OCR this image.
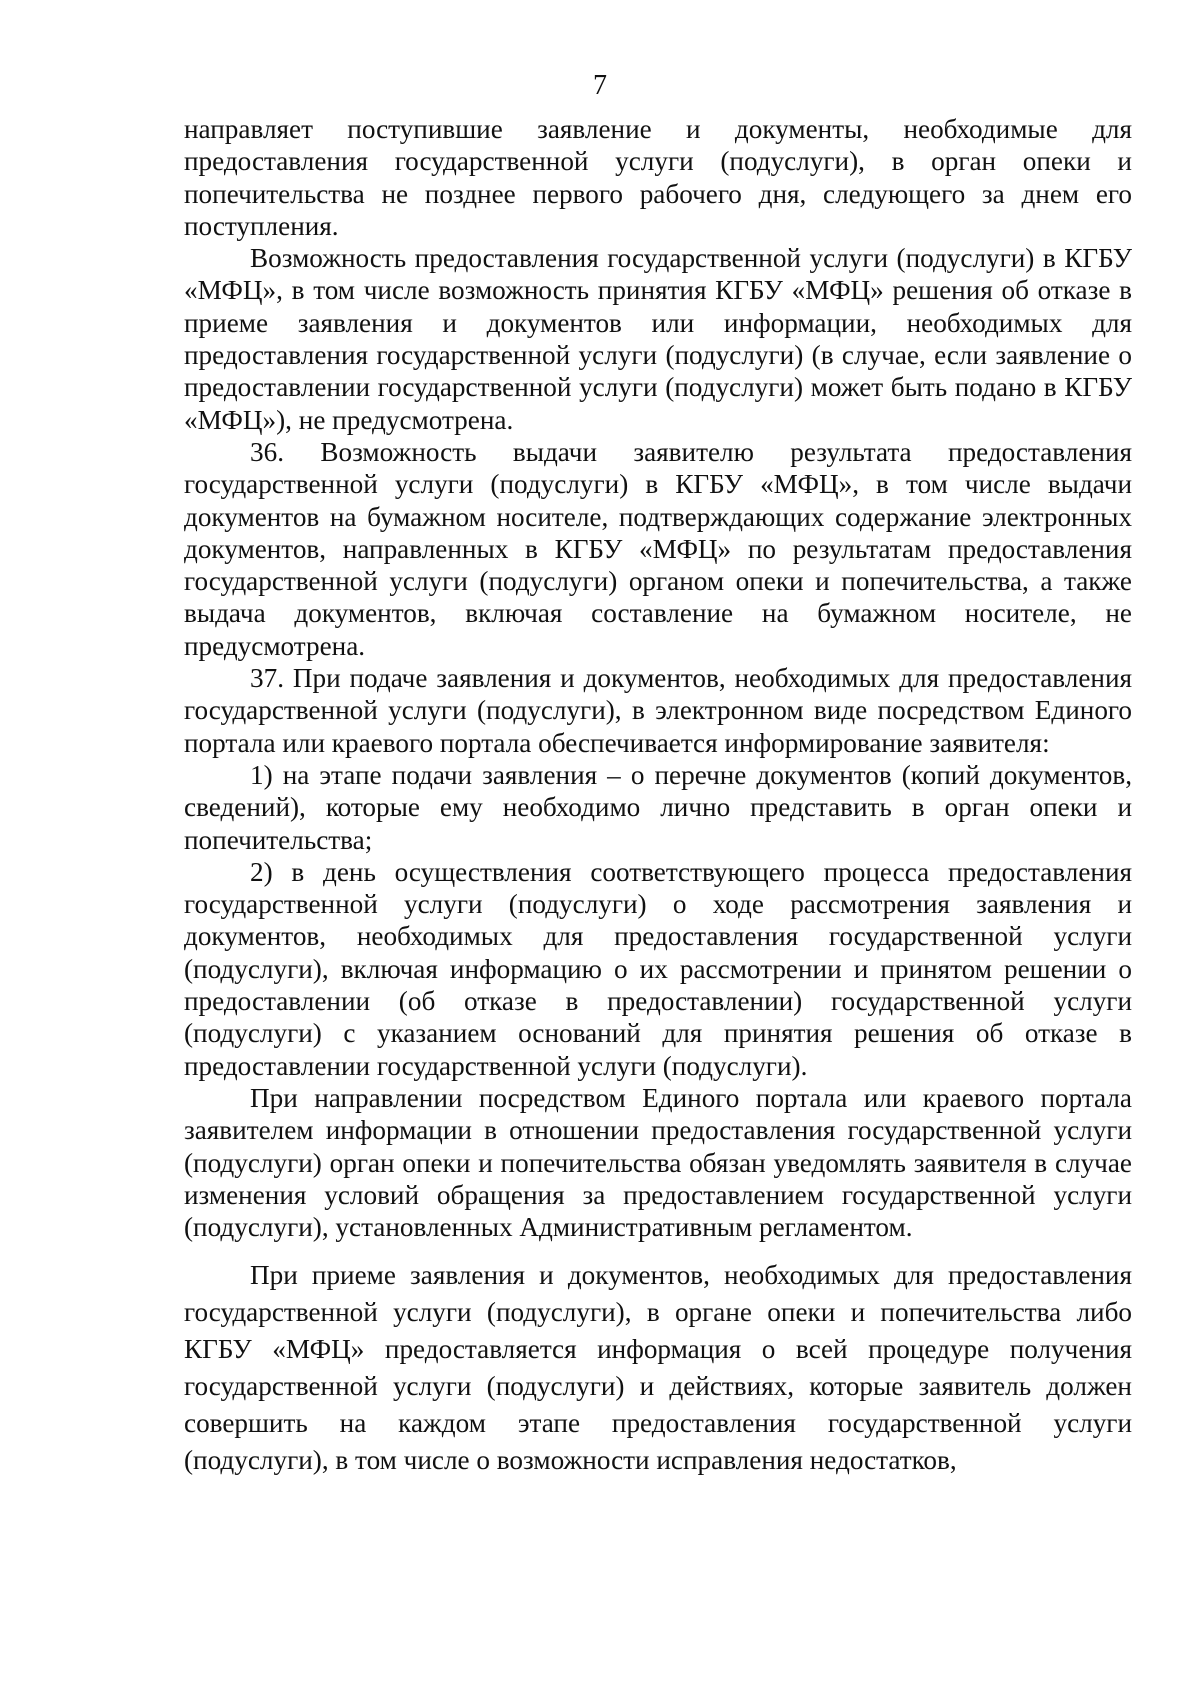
7

направляет поступившие заявление и документы, необходимые для предоставления государственной услуги (подуслуги), в орган опеки и попечительства не позднее первого рабочего дня, следующего за днем его поступления.

Возможность предоставления государственной услуги (подуслуги) в КГБУ «МФЦ», в том числе возможность принятия КГБУ «МФЦ» решения об отказе в приеме заявления и документов или информации, необходимых для предоставления государственной услуги (подуслуги) (в случае, если заявление о предоставлении государственной услуги (подуслуги) может быть подано в КГБУ «МФЦ»), не предусмотрена.

36. Возможность выдачи заявителю результата предоставления государственной услуги (подуслуги) в КГБУ «МФЦ», в том числе выдачи документов на бумажном носителе, подтверждающих содержание электронных документов, направленных в КГБУ «МФЦ» по результатам предоставления государственной услуги (подуслуги) органом опеки и попечительства, а также выдача документов, включая составление на бумажном носителе, не предусмотрена.

37. При подаче заявления и документов, необходимых для предоставления государственной услуги (подуслуги), в электронном виде посредством Единого портала или краевого портала обеспечивается информирование заявителя:

1) на этапе подачи заявления – о перечне документов (копий документов, сведений), которые ему необходимо лично представить в орган опеки и попечительства;

2) в день осуществления соответствующего процесса предоставления государственной услуги (подуслуги) о ходе рассмотрения заявления и документов, необходимых для предоставления государственной услуги (подуслуги), включая информацию о их рассмотрении и принятом решении о предоставлении (об отказе в предоставлении) государственной услуги (подуслуги) с указанием оснований для принятия решения об отказе в предоставлении государственной услуги (подуслуги).

При направлении посредством Единого портала или краевого портала заявителем информации в отношении предоставления государственной услуги (подуслуги) орган опеки и попечительства обязан уведомлять заявителя в случае изменения условий обращения за предоставлением государственной услуги (подуслуги), установленных Административным регламентом.

При приеме заявления и документов, необходимых для предоставления государственной услуги (подуслуги), в органе опеки и попечительства либо КГБУ «МФЦ» предоставляется информация о всей процедуре получения государственной услуги (подуслуги) и действиях, которые заявитель должен совершить на каждом этапе предоставления государственной услуги (подуслуги), в том числе о возможности исправления недостатков,
